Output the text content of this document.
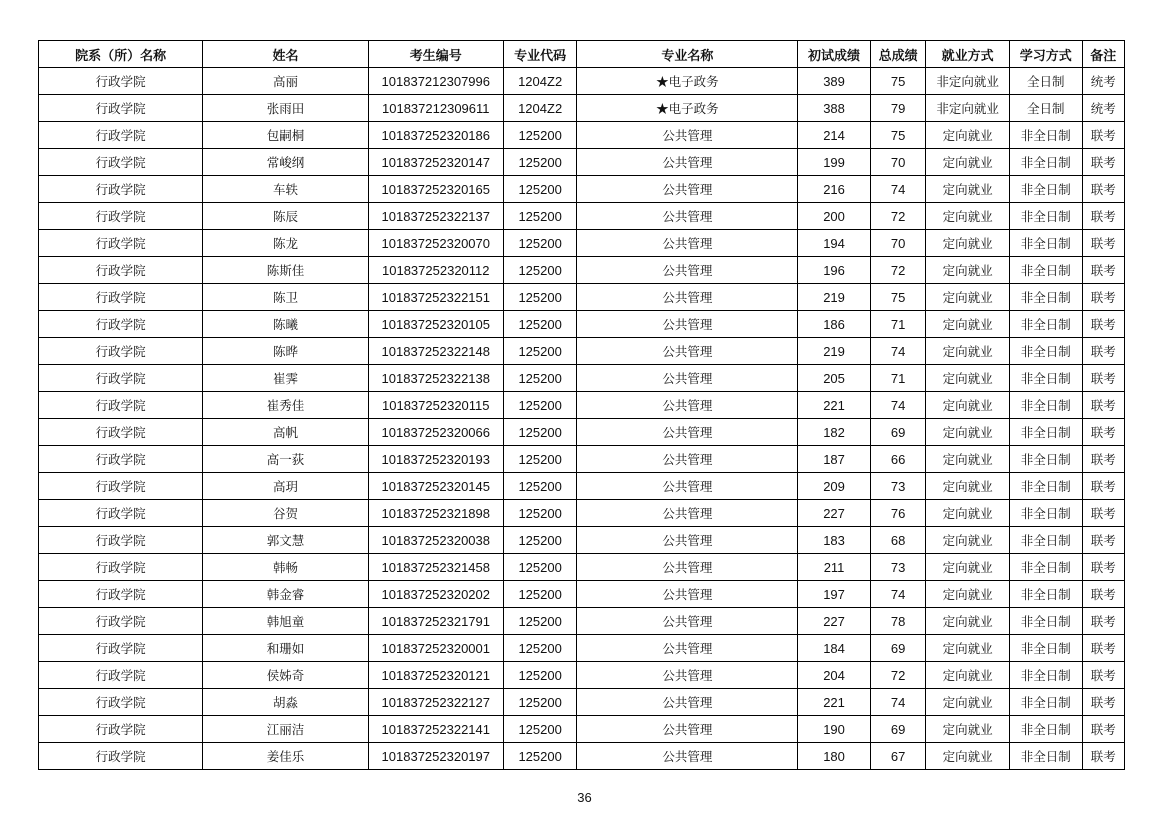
院系（所）名称	姓名	考生编号	专业代码	专业名称	初试成绩	总成绩	就业方式	学习方式	备注
行政学院	高丽	101837212307996	1204Z2	★电子政务	389	75	非定向就业	全日制	统考
行政学院	张雨田	101837212309611	1204Z2	★电子政务	388	79	非定向就业	全日制	统考
行政学院	包嗣桐	101837252320186	125200	公共管理	214	75	定向就业	非全日制	联考
行政学院	常峻纲	101837252320147	125200	公共管理	199	70	定向就业	非全日制	联考
行政学院	车轶	101837252320165	125200	公共管理	216	74	定向就业	非全日制	联考
行政学院	陈辰	101837252322137	125200	公共管理	200	72	定向就业	非全日制	联考
行政学院	陈龙	101837252320070	125200	公共管理	194	70	定向就业	非全日制	联考
行政学院	陈斯佳	101837252320112	125200	公共管理	196	72	定向就业	非全日制	联考
行政学院	陈卫	101837252322151	125200	公共管理	219	75	定向就业	非全日制	联考
行政学院	陈曦	101837252320105	125200	公共管理	186	71	定向就业	非全日制	联考
行政学院	陈晔	101837252322148	125200	公共管理	219	74	定向就业	非全日制	联考
行政学院	崔霁	101837252322138	125200	公共管理	205	71	定向就业	非全日制	联考
行政学院	崔秀佳	101837252320115	125200	公共管理	221	74	定向就业	非全日制	联考
行政学院	高帆	101837252320066	125200	公共管理	182	69	定向就业	非全日制	联考
行政学院	高一荻	101837252320193	125200	公共管理	187	66	定向就业	非全日制	联考
行政学院	高玥	101837252320145	125200	公共管理	209	73	定向就业	非全日制	联考
行政学院	谷贺	101837252321898	125200	公共管理	227	76	定向就业	非全日制	联考
行政学院	郭文慧	101837252320038	125200	公共管理	183	68	定向就业	非全日制	联考
行政学院	韩畅	101837252321458	125200	公共管理	211	73	定向就业	非全日制	联考
行政学院	韩金睿	101837252320202	125200	公共管理	197	74	定向就业	非全日制	联考
行政学院	韩旭童	101837252321791	125200	公共管理	227	78	定向就业	非全日制	联考
行政学院	和珊如	101837252320001	125200	公共管理	184	69	定向就业	非全日制	联考
行政学院	侯姊奇	101837252320121	125200	公共管理	204	72	定向就业	非全日制	联考
行政学院	胡淼	101837252322127	125200	公共管理	221	74	定向就业	非全日制	联考
行政学院	江丽洁	101837252322141	125200	公共管理	190	69	定向就业	非全日制	联考
行政学院	姜佳乐	101837252320197	125200	公共管理	180	67	定向就业	非全日制	联考
36
